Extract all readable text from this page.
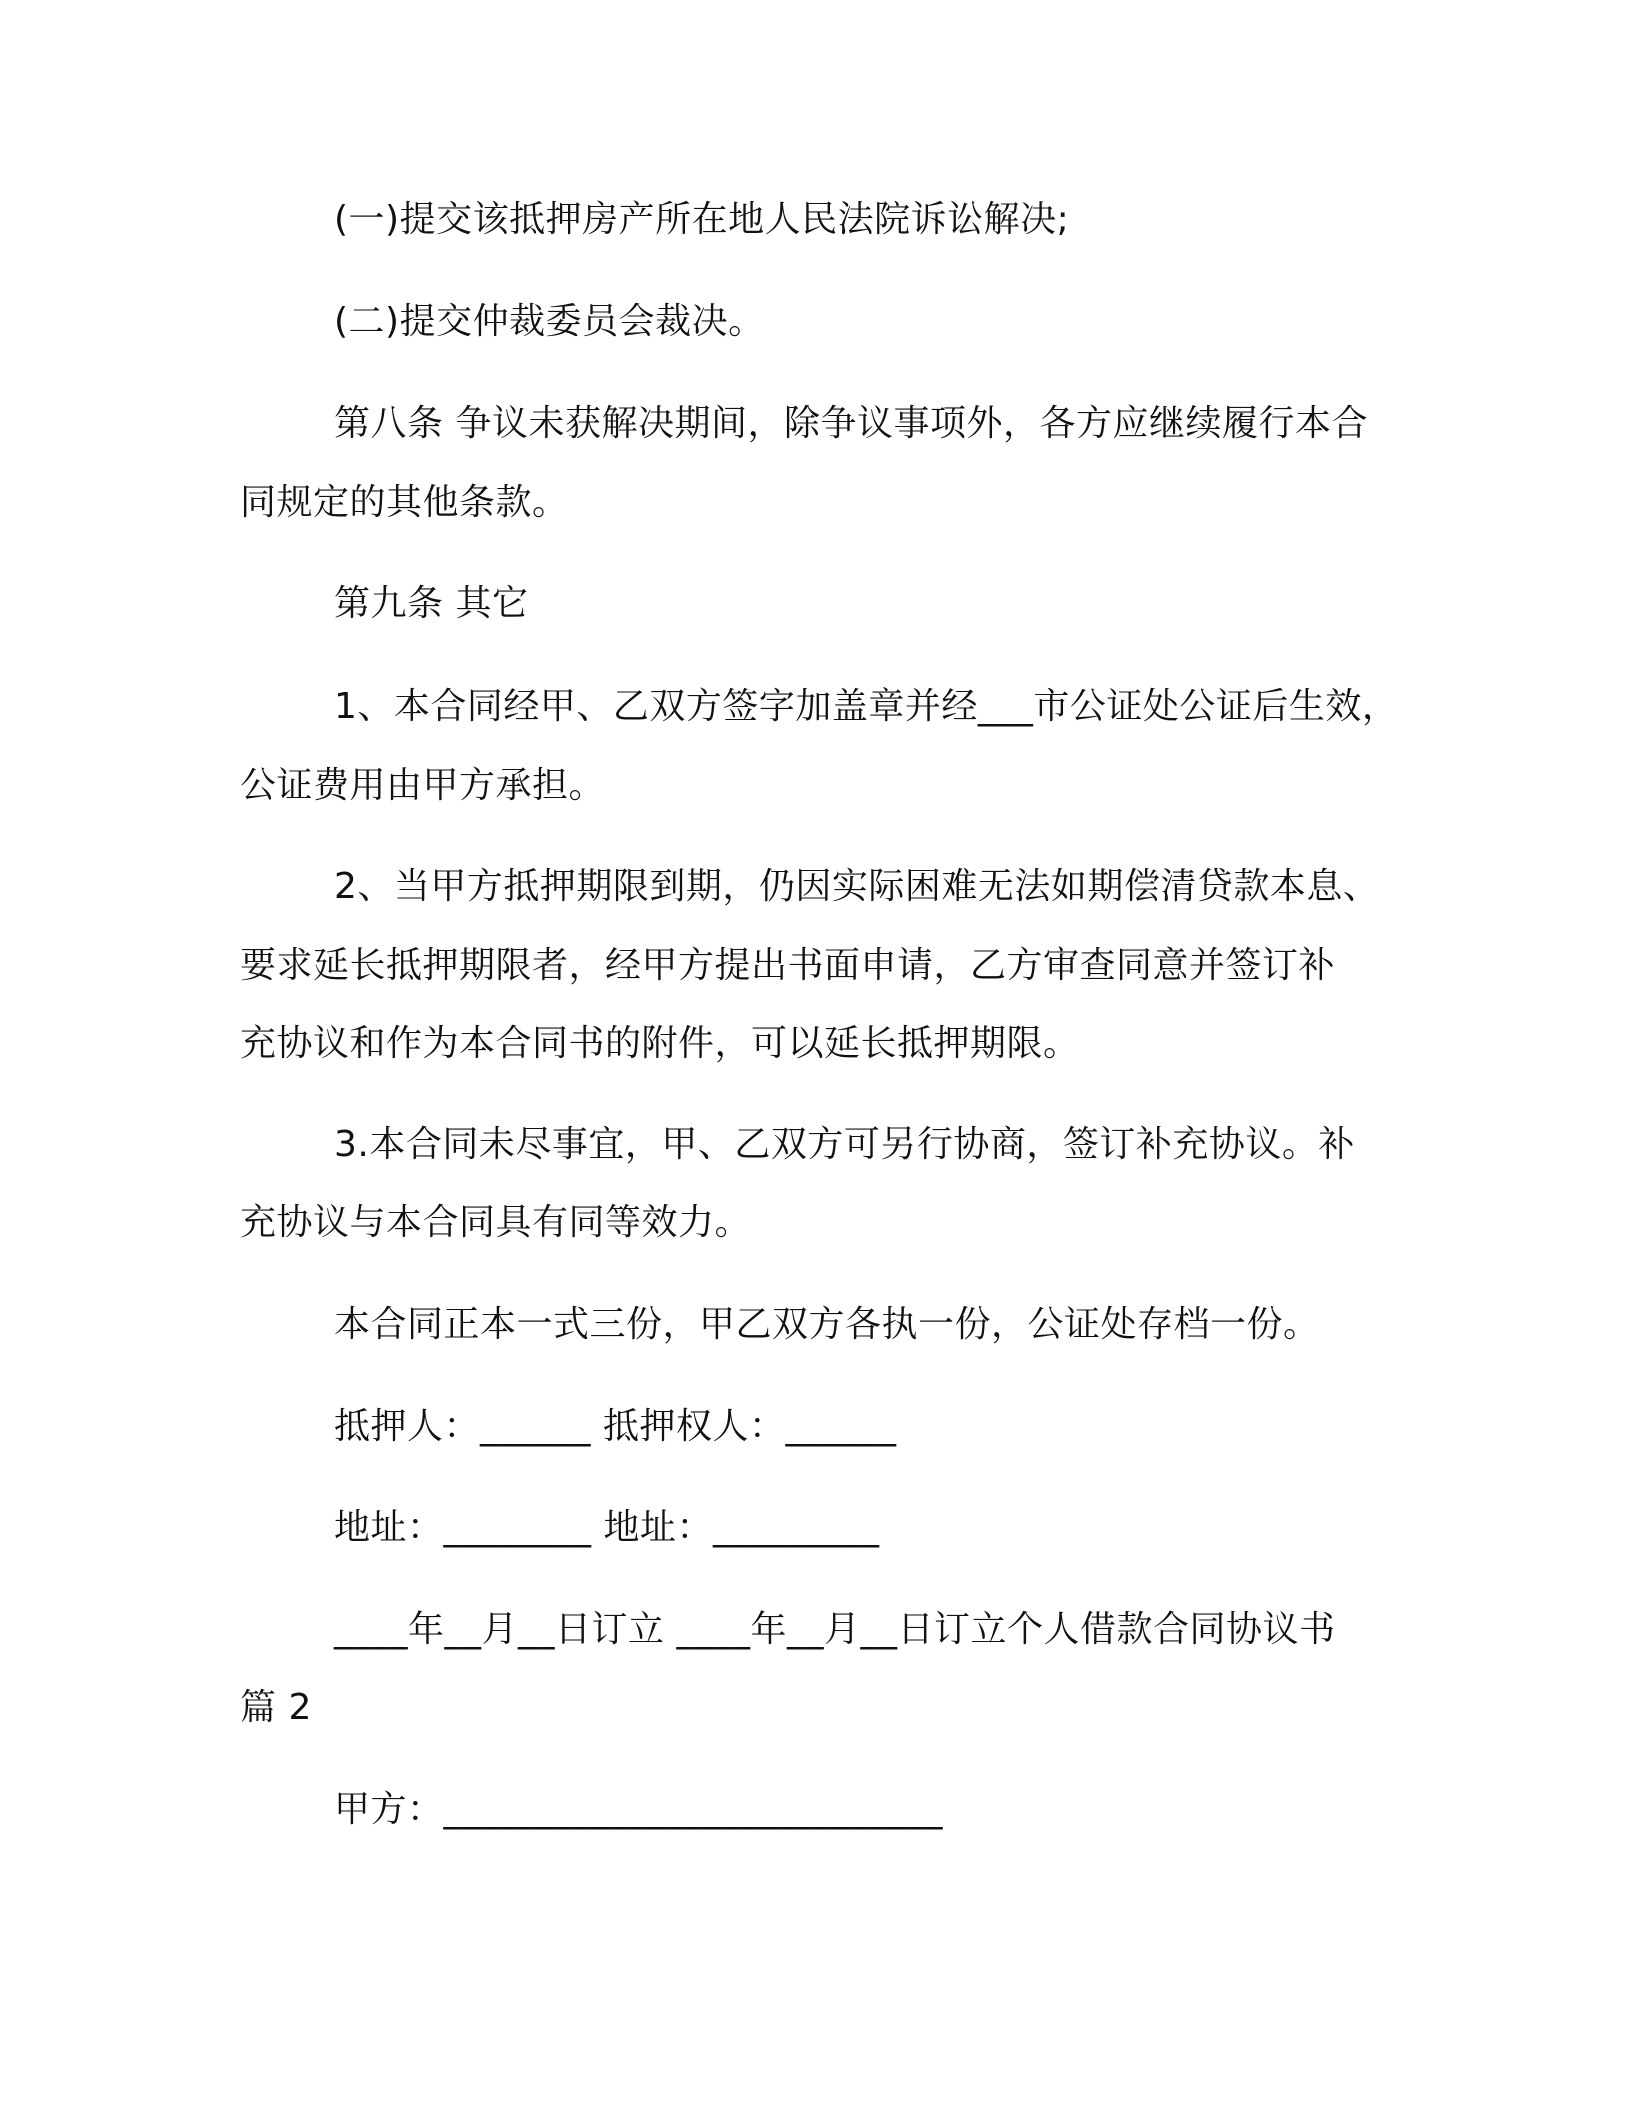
(一)提交该抵押房产所在地人民法院诉讼解决;
(二)提交仲裁委员会裁决。
第八条 争议未获解决期间，除争议事项外，各方应继续履行本合
同规定的其他条款。
第九条 其它
1、本合同经甲、乙双方签字加盖章并经___市公证处公证后生效，
公证费用由甲方承担。
2、当甲方抵押期限到期，仍因实际困难无法如期偿清贷款本息、
要求延长抵押期限者，经甲方提出书面申请，乙方审查同意并签订补
充协议和作为本合同书的附件，可以延长抵押期限。
3.本合同未尽事宜，甲、乙双方可另行协商，签订补充协议。补
充协议与本合同具有同等效力。
本合同正本一式三份，甲乙双方各执一份，公证处存档一份。
抵押人：______ 抵押权人：______
地址：________ 地址：_________
____年__月__日订立 ____年__月__日订立个人借款合同协议书
篇 2
甲方：___________________________
